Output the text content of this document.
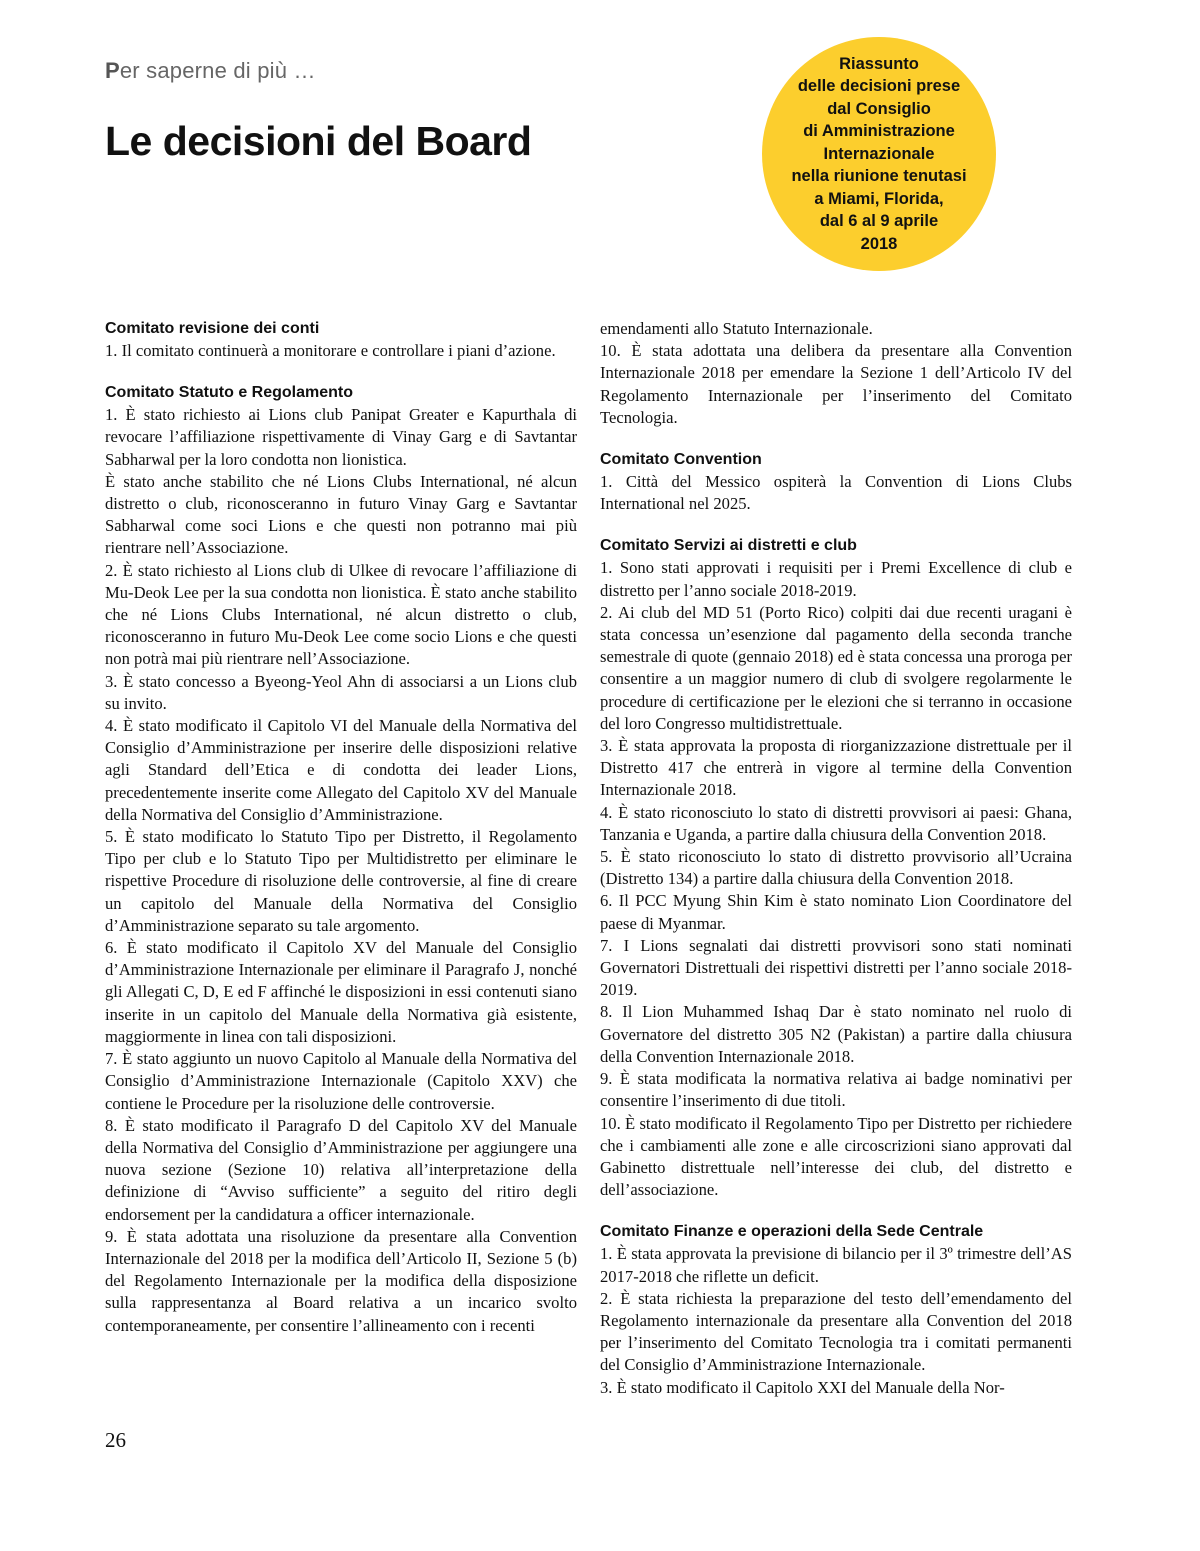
Per saperne di più …
Le decisioni del Board
Riassunto
delle decisioni prese
dal Consiglio
di Amministrazione
Internazionale
nella riunione tenutasi
a Miami, Florida,
dal 6 al 9 aprile
2018
Comitato revisione dei conti

1. Il comitato continuerà a monitorare e controllare i piani d’azione.

Comitato Statuto e Regolamento

1. È stato richiesto ai Lions club Panipat Greater e Kapurthala di revocare l’affiliazione rispettivamente di Vinay Garg e di Savtantar Sabharwal per la loro condotta non lionistica.

È stato anche stabilito che né Lions Clubs International, né alcun distretto o club, riconosceranno in futuro Vinay Garg e Savtantar Sabharwal come soci Lions e che questi non potranno mai più rientrare nell’Associazione.

2. È stato richiesto al Lions club di Ulkee di revocare l’affiliazione di Mu-Deok Lee per la sua condotta non lionistica. È stato anche stabilito che né Lions Clubs International, né alcun distretto o club, riconosceranno in futuro Mu-Deok Lee come socio Lions e che questi non potrà mai più rientrare nell’Associazione.

3. È stato concesso a Byeong-Yeol Ahn di associarsi a un Lions club su invito.

4. È stato modificato il Capitolo VI del Manuale della Normativa del Consiglio d’Amministrazione per inserire delle disposizioni relative agli Standard dell’Etica e di condotta dei leader Lions, precedentemente inserite come Allegato del Capitolo XV del Manuale della Normativa del Consiglio d’Amministrazione.

5. È stato modificato lo Statuto Tipo per Distretto, il Regolamento Tipo per club e lo Statuto Tipo per Multidistretto per eliminare le rispettive Procedure di risoluzione delle controversie, al fine di creare un capitolo del Manuale della Normativa del Consiglio d’Amministrazione separato su tale argomento.

6. È stato modificato il Capitolo XV del Manuale del Consiglio d’Amministrazione Internazionale per eliminare il Paragrafo J, nonché gli Allegati C, D, E ed F affinché le disposizioni in essi contenuti siano inserite in un capitolo del Manuale della Normativa già esistente, maggiormente in linea con tali disposizioni.

7. È stato aggiunto un nuovo Capitolo al Manuale della Normativa del Consiglio d’Amministrazione Internazionale (Capitolo XXV) che contiene le Procedure per la risoluzione delle controversie.

8. È stato modificato il Paragrafo D del Capitolo XV del Manuale della Normativa del Consiglio d’Amministrazione per aggiungere una nuova sezione (Sezione 10) relativa all’interpretazione della definizione di “Avviso sufficiente” a seguito del ritiro degli endorsement per la candidatura a officer internazionale.

9. È stata adottata una risoluzione da presentare alla Convention Internazionale del 2018 per la modifica dell’Articolo II, Sezione 5 (b) del Regolamento Internazionale per la modifica della disposizione sulla rappresentanza al Board relativa a un incarico svolto contemporaneamente, per consentire l’allineamento con i recenti

emendamenti allo Statuto Internazionale.

10. È stata adottata una delibera da presentare alla Convention Internazionale 2018 per emendare la Sezione 1 dell’Articolo IV del Regolamento Internazionale per l’inserimento del Comitato Tecnologia.

Comitato Convention

1. Città del Messico ospiterà la Convention di Lions Clubs International nel 2025.

Comitato Servizi ai distretti e club

1. Sono stati approvati i requisiti per i Premi Excellence di club e distretto per l’anno sociale 2018-2019.

2. Ai club del MD 51 (Porto Rico) colpiti dai due recenti uragani è stata concessa un’esenzione dal pagamento della seconda tranche semestrale di quote (gennaio 2018) ed è stata concessa una proroga per consentire a un maggior numero di club di svolgere regolarmente le procedure di certificazione per le elezioni che si terranno in occasione del loro Congresso multidistrettuale.

3. È stata approvata la proposta di riorganizzazione distrettuale per il Distretto 417 che entrerà in vigore al termine della Convention Internazionale 2018.

4. È stato riconosciuto lo stato di distretti provvisori ai paesi: Ghana, Tanzania e Uganda, a partire dalla chiusura della Convention 2018.

5. È stato riconosciuto lo stato di distretto provvisorio all’Ucraina (Distretto 134) a partire dalla chiusura della Convention 2018.

6. Il PCC Myung Shin Kim è stato nominato Lion Coordinatore del paese di Myanmar.

7. I Lions segnalati dai distretti provvisori sono stati nominati Governatori Distrettuali dei rispettivi distretti per l’anno sociale 2018-2019.

8. Il Lion Muhammed Ishaq Dar è stato nominato nel ruolo di Governatore del distretto 305 N2 (Pakistan) a partire dalla chiusura della Convention Internazionale 2018.

9. È stata modificata la normativa relativa ai badge nominativi per consentire l’inserimento di due titoli.

10. È stato modificato il Regolamento Tipo per Distretto per richiedere che i cambiamenti alle zone e alle circoscrizioni siano approvati dal Gabinetto distrettuale nell’interesse dei club, del distretto e dell’associazione.

Comitato Finanze e operazioni della Sede Centrale

1. È stata approvata la previsione di bilancio per il 3º trimestre dell’AS 2017-2018 che riflette un deficit.

2. È stata richiesta la preparazione del testo dell’emendamento del Regolamento internazionale da presentare alla Convention del 2018 per l’inserimento del Comitato Tecnologia tra i comitati permanenti del Consiglio d’Amministrazione Internazionale.

3. È stato modificato il Capitolo XXI del Manuale della Nor-

26
